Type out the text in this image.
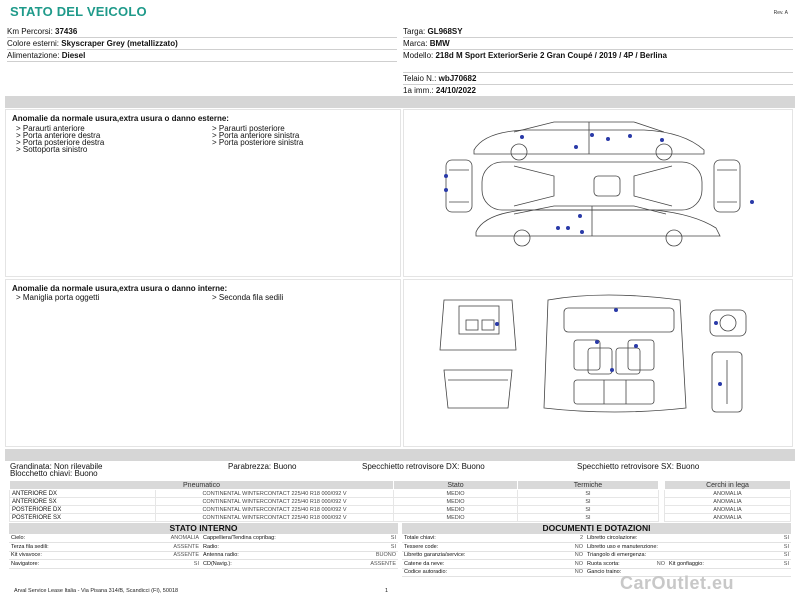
STATO DEL VEICOLO	Rev. A
Km Percorsi: 37436
Colore esterni: Skyscraper Grey (metallizzato)
Alimentazione: Diesel
Targa: GL968SY
Marca: BMW
Modello: 218d M Sport ExteriorSerie 2 Gran Coupé / 2019 / 4P / Berlina
Telaio N.: wbJ70682
1a imm.: 24/10/2022
Anomalie da normale usura,extra usura o danno esterne:
> Paraurti anteriore
> Porta anteriore destra
> Porta posteriore destra
> Sottoporta sinistro
> Paraurti posteriore
> Porta anteriore sinistra
> Porta posteriore sinistra
Anomalie da normale usura,extra usura o danno interne:
> Maniglia porta oggetti	> Seconda fila sedili
Grandinata: Non rilevabile	Parabrezza: Buono	Specchietto retrovisore DX: Buono	Specchietto retrovisore SX: Buono
Blocchetto chiavi: Buono
Pneumatico		Stato	Termiche
ANTERIORE DX	CONTINENTAL WINTERCONTACT 225/40 R18 000/092 V	MEDIO	SI
ANTERIORE SX	CONTINENTAL WINTERCONTACT 225/40 R18 000/092 V	MEDIO	SI
POSTERIORE DX	CONTINENTAL WINTERCONTACT 225/40 R18 000/092 V	MEDIO	SI
POSTERIORE SX	CONTINENTAL WINTERCONTACT 225/40 R18 000/092 V	MEDIO	SI
Cerchi in lega
ANOMALIA
ANOMALIA
ANOMALIA
ANOMALIA
STATO INTERNO
Cielo:	ANOMALIA	Cappelliera/Tendina copribag:	SI
Terza fila sedili:	ASSENTE	Radio:	SI
Kit vivavoce:	ASSENTE	Antenna radio:	BUONO
Navigatore:	SI	CD(Navig.):	ASSENTE
DOCUMENTI E DOTAZIONI
Totale chiavi:	2	Libretto circolazione:			SI
Tessere code:	NO	Libretto uso e manutenzione:			SI
Libretto garanzia/service:	NO	Triangolo di emergenza:			SI
Catene da neve:	NO	Ruota scorta:	NO	Kit gonfiaggio:	SI
Codice autoradio:	NO	Gancio traino:			
Arval Service Lease Italia - Via Pisana 314/B, Scandicci (FI), 50018	1	CarOutlet.eu
